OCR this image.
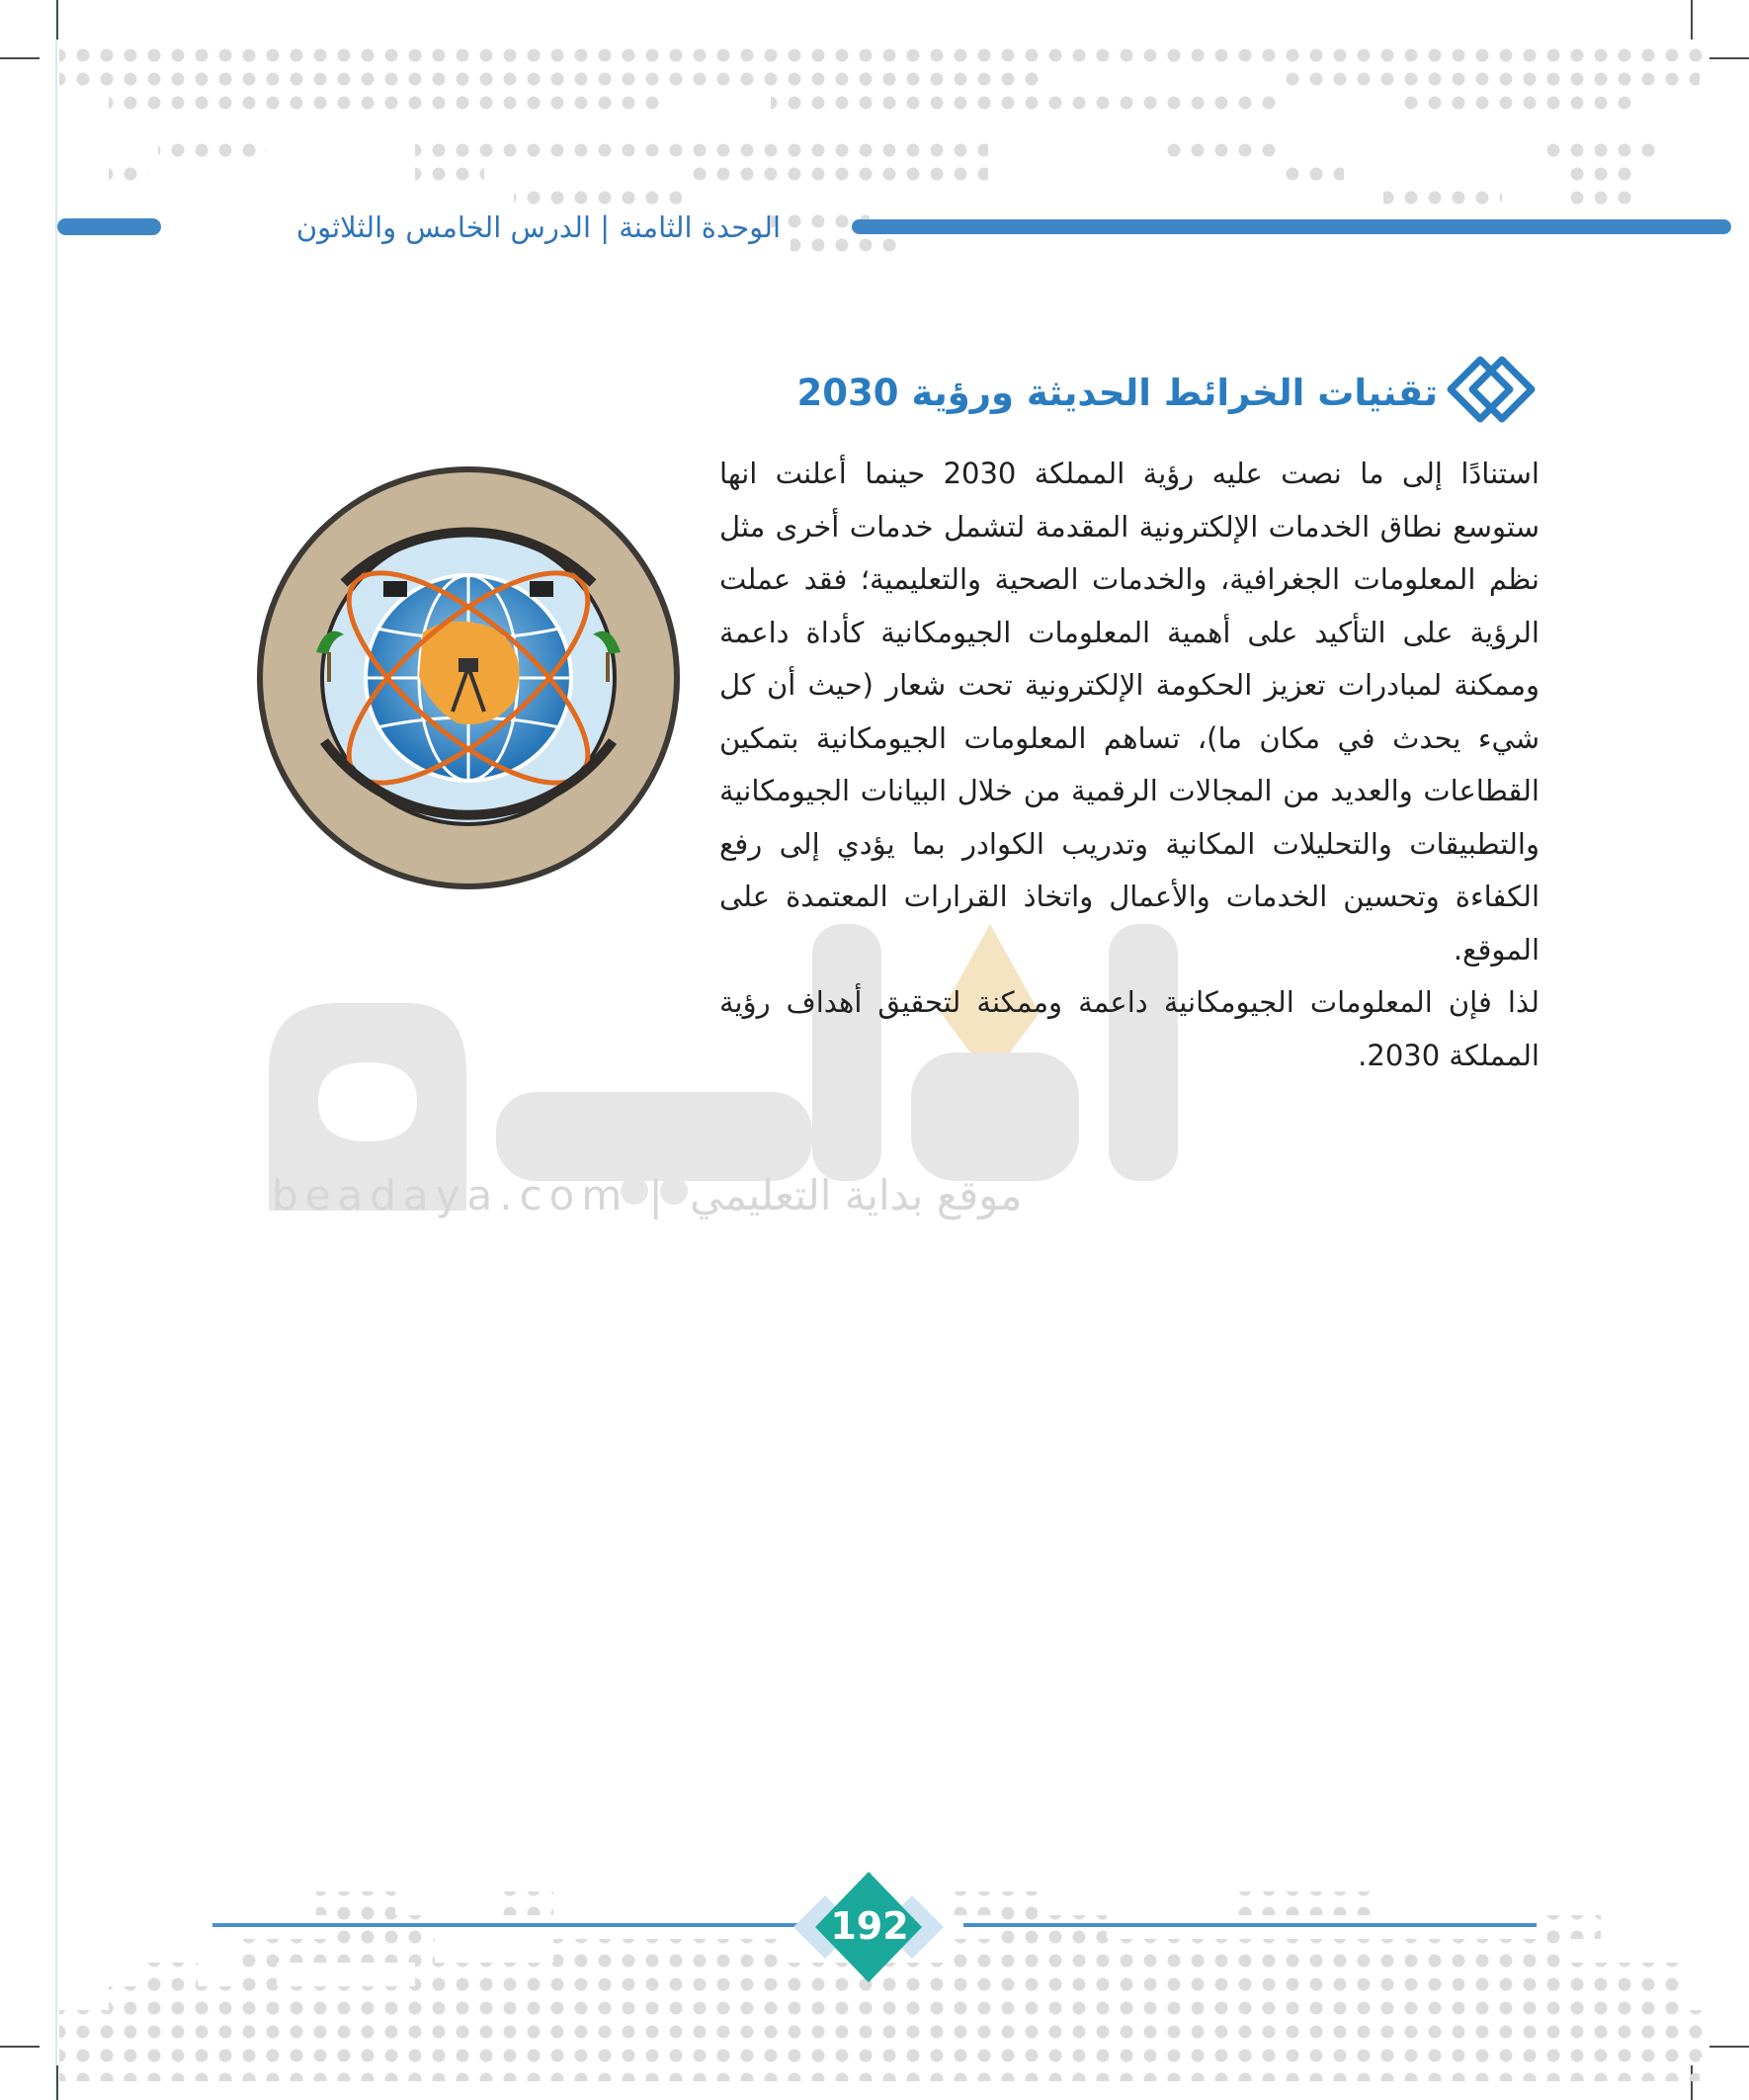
الوحدة الثامنة | الدرس الخامس والثلاثون
beadaya.com | موقع بداية التعليمي
تقنيات الخرائط الحديثة ورؤية 2030

استنادًا إلى ما نصت عليه رؤية المملكة 2030 حينما أعلنت انها ستوسع نطاق الخدمات الإلكترونية المقدمة لتشمل خدمات أخرى مثل نظم المعلومات الجغرافية، والخدمات الصحية والتعليمية؛ فقد عملت الرؤية على التأكيد على أهمية المعلومات الجيومكانية كأداة داعمة وممكنة لمبادرات تعزيز الحكومة الإلكترونية تحت شعار (حيث أن كل شيء يحدث في مكان ما)، تساهم المعلومات الجيومكانية بتمكين القطاعات والعديد من المجالات الرقمية من خلال البيانات الجيومكانية والتطبيقات والتحليلات المكانية وتدريب الكوادر بما يؤدي إلى رفع الكفاءة وتحسين الخدمات والأعمال واتخاذ القرارات المعتمدة على الموقع.

لذا فإن المعلومات الجيومكانية داعمة وممكنة لتحقيق أهداف رؤية المملكة 2030.

192
